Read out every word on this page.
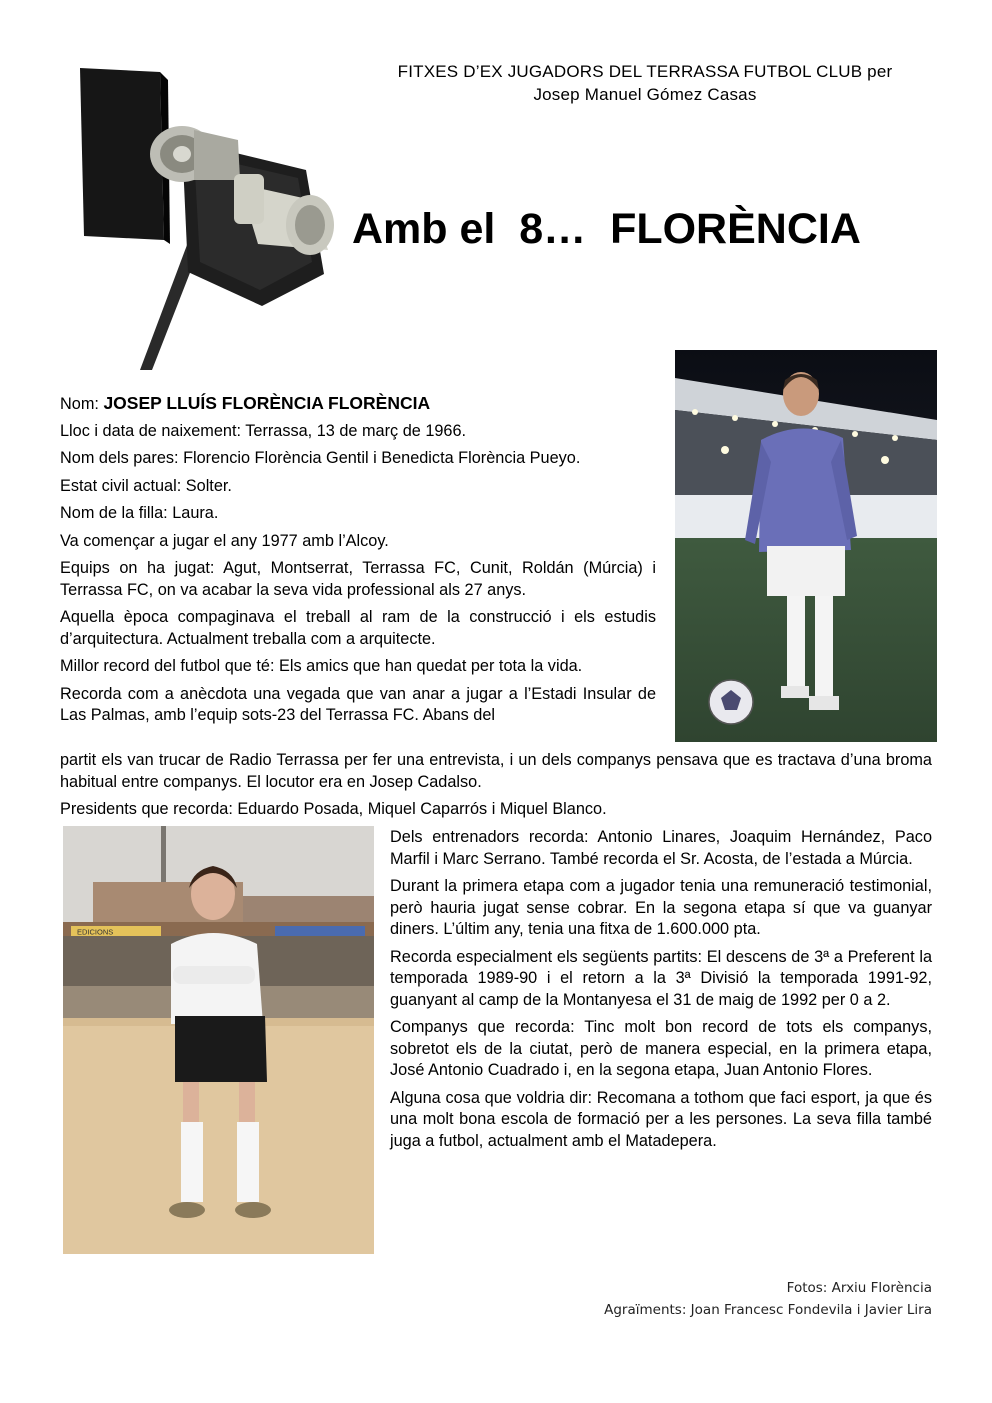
FITXES D’EX JUGADORS DEL TERRASSA FUTBOL CLUB per
Josep Manuel Gómez Casas
Amb el  8…  FLORÈNCIA

Nom: JOSEP LLUÍS FLORÈNCIA FLORÈNCIA

Lloc i data de naixement: Terrassa, 13 de març de 1966.

Nom dels pares: Florencio Florència Gentil i Benedicta Florència Pueyo.

Estat civil actual: Solter.

Nom de la filla: Laura.

Va començar a jugar el any 1977 amb l’Alcoy.

Equips on ha jugat: Agut, Montserrat, Terrassa FC, Cunit, Roldán (Múrcia) i Terrassa FC, on va acabar la seva vida professional als 27 anys.

Aquella època compaginava el treball al ram de la construcció i els estudis d’arquitectura. Actualment treballa com a arquitecte.

Millor record del futbol que té: Els amics que han quedat per tota la vida.

Recorda com a anècdota una vegada que van anar a jugar a l’Estadi Insular de Las Palmas, amb l’equip sots-23 del Terrassa FC. Abans del

partit els van trucar de Radio Terrassa per fer una entrevista, i un dels companys pensava que es tractava d’una broma habitual entre companys. El locutor era en Josep Cadalso.

Presidents que recorda: Eduardo Posada, Miquel Caparrós i Miquel Blanco.

EDICIONS

Dels entrenadors recorda: Antonio Linares, Joaquim Hernández, Paco Marfil i Marc Serrano. També recorda el Sr. Acosta, de l’estada a Múrcia.

Durant la primera etapa com a jugador tenia una remuneració testimonial, però hauria jugat sense cobrar. En la segona etapa sí que va guanyar diners. L’últim any, tenia una fitxa de 1.600.000 pta.

Recorda especialment els següents partits: El descens de 3ª a Preferent la temporada 1989-90 i el retorn a la 3ª Divisió la temporada 1991-92, guanyant al camp de la Montanyesa el 31 de maig de 1992 per 0 a 2.

Companys que recorda: Tinc molt bon record de tots els companys, sobretot els de la ciutat, però de manera especial, en la primera etapa, José Antonio Cuadrado i, en la segona etapa, Juan Antonio Flores.

Alguna cosa que voldria dir: Recomana a tothom que faci esport, ja que és una molt bona escola de formació per a les persones. La seva filla també juga a futbol, actualment amb el Matadepera.

Fotos: Arxiu Florència
Agraïments: Joan Francesc Fondevila i Javier Lira
